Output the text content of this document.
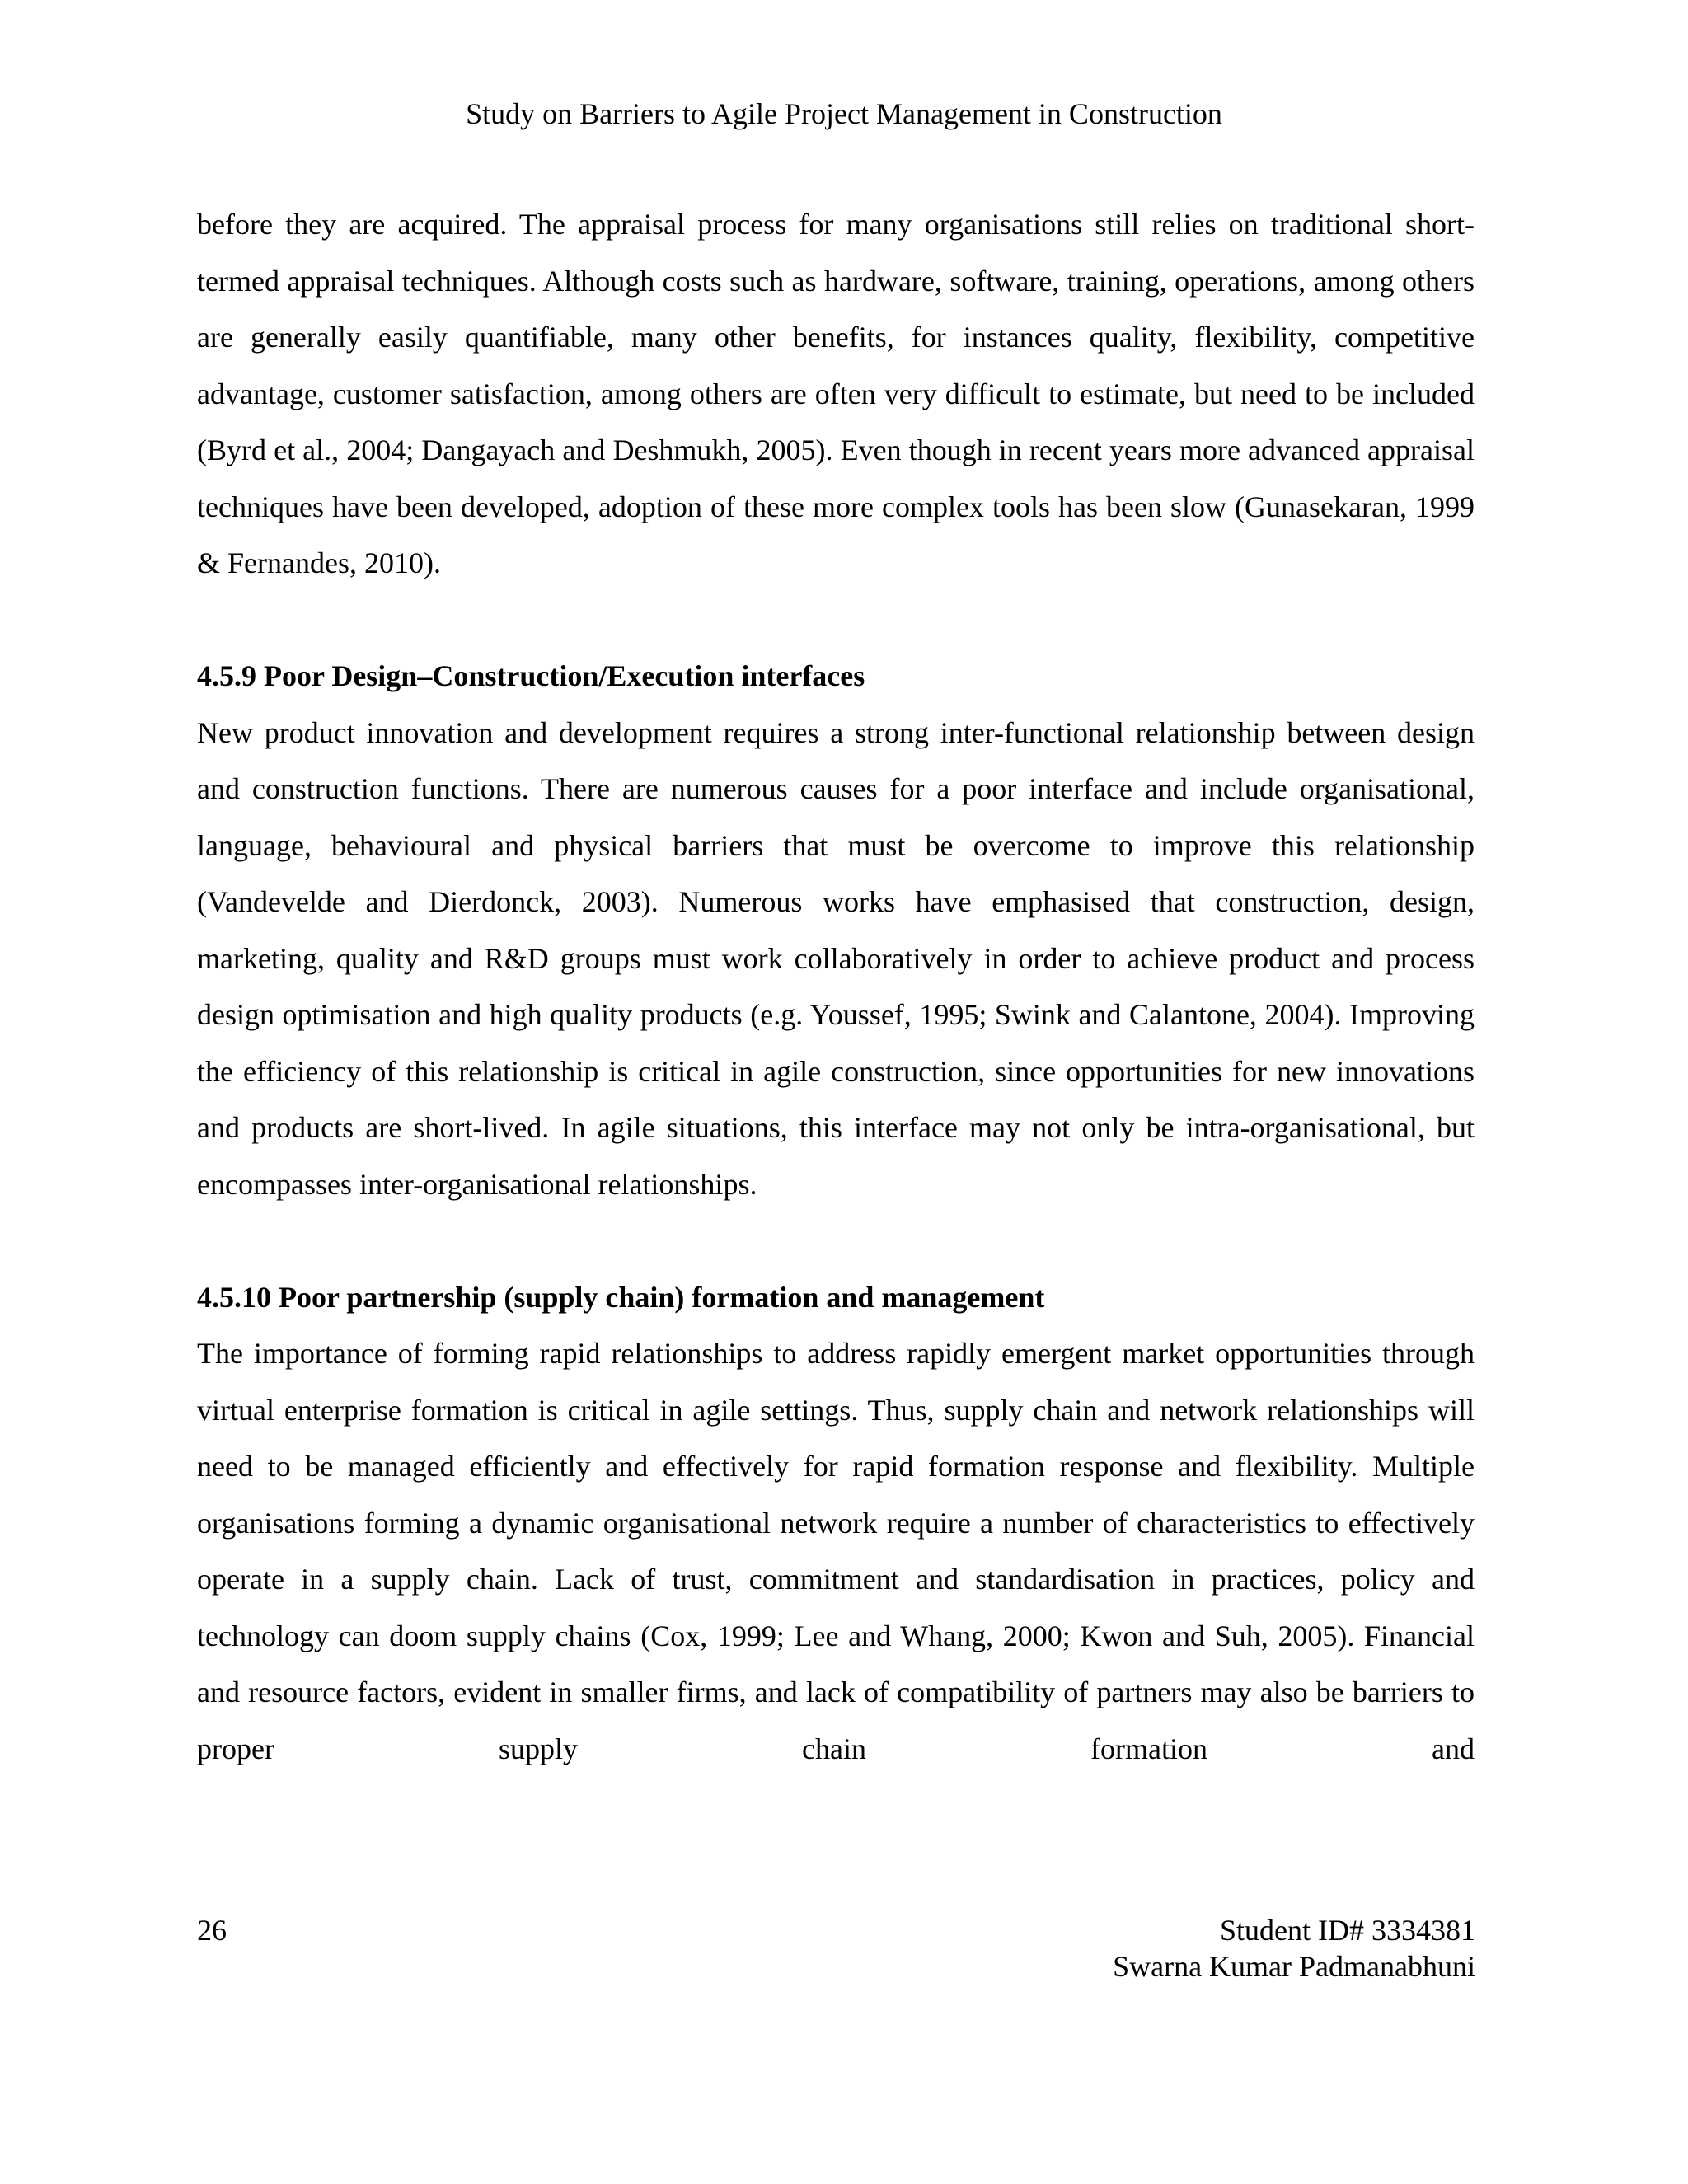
Study on Barriers to Agile Project Management in Construction

before they are acquired. The appraisal process for many organisations still relies on traditional short-termed appraisal techniques. Although costs such as hardware, software, training, operations, among others are generally easily quantifiable, many other benefits, for instances quality, flexibility, competitive advantage, customer satisfaction, among others are often very difficult to estimate, but need to be included (Byrd et al., 2004; Dangayach and Deshmukh, 2005). Even though in recent years more advanced appraisal techniques have been developed, adoption of these more complex tools has been slow (Gunasekaran, 1999 & Fernandes, 2010).

4.5.9 Poor Design–Construction/Execution interfaces

New product innovation and development requires a strong inter-functional relationship between design and construction functions. There are numerous causes for a poor interface and include organisational, language, behavioural and physical barriers that must be overcome to improve this relationship (Vandevelde and Dierdonck, 2003). Numerous works have emphasised that construction, design, marketing, quality and R&D groups must work collaboratively in order to achieve product and process design optimisation and high quality products (e.g. Youssef, 1995; Swink and Calantone, 2004). Improving the efficiency of this relationship is critical in agile construction, since opportunities for new innovations and products are short-lived. In agile situations, this interface may not only be intra-organisational, but encompasses inter-organisational relationships.

4.5.10 Poor partnership (supply chain) formation and management

The importance of forming rapid relationships to address rapidly emergent market opportunities through virtual enterprise formation is critical in agile settings. Thus, supply chain and network relationships will need to be managed efficiently and effectively for rapid formation response and flexibility. Multiple organisations forming a dynamic organisational network require a number of characteristics to effectively operate in a supply chain. Lack of trust, commitment and standardisation in practices, policy and technology can doom supply chains (Cox, 1999; Lee and Whang, 2000; Kwon and Suh, 2005). Financial and resource factors, evident in smaller firms, and lack of compatibility of partners may also be barriers to proper supply chain formation and

26	Student ID# 3334381
Swarna Kumar Padmanabhuni
